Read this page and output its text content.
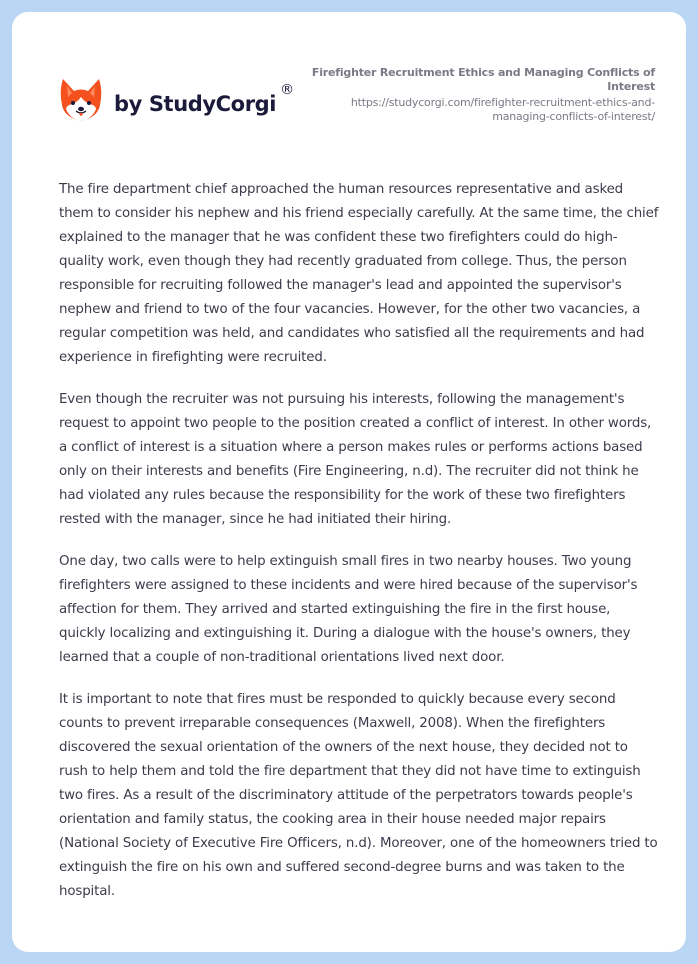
by StudyCorgi
®
Firefighter Recruitment Ethics and Managing Conflicts of Interest
https://studycorgi.com/firefighter-recruitment-ethics-and-managing-conflicts-of-interest/

The fire department chief approached the human resources representative and asked them to consider his nephew and his friend especially carefully. At the same time, the chief explained to the manager that he was confident these two firefighters could do high-quality work, even though they had recently graduated from college. Thus, the person responsible for recruiting followed the manager's lead and appointed the supervisor's nephew and friend to two of the four vacancies. However, for the other two vacancies, a regular competition was held, and candidates who satisfied all the requirements and had experience in firefighting were recruited.

Even though the recruiter was not pursuing his interests, following the management's request to appoint two people to the position created a conflict of interest. In other words, a conflict of interest is a situation where a person makes rules or performs actions based only on their interests and benefits (Fire Engineering, n.d). The recruiter did not think he had violated any rules because the responsibility for the work of these two firefighters rested with the manager, since he had initiated their hiring.

One day, two calls were to help extinguish small fires in two nearby houses. Two young firefighters were assigned to these incidents and were hired because of the supervisor's affection for them. They arrived and started extinguishing the fire in the first house, quickly localizing and extinguishing it. During a dialogue with the house's owners, they learned that a couple of non-traditional orientations lived next door.

It is important to note that fires must be responded to quickly because every second counts to prevent irreparable consequences (Maxwell, 2008). When the firefighters discovered the sexual orientation of the owners of the next house, they decided not to rush to help them and told the fire department that they did not have time to extinguish two fires. As a result of the discriminatory attitude of the perpetrators towards people's orientation and family status, the cooking area in their house needed major repairs (National Society of Executive Fire Officers, n.d). Moreover, one of the homeowners tried to extinguish the fire on his own and suffered second-degree burns and was taken to the hospital.
